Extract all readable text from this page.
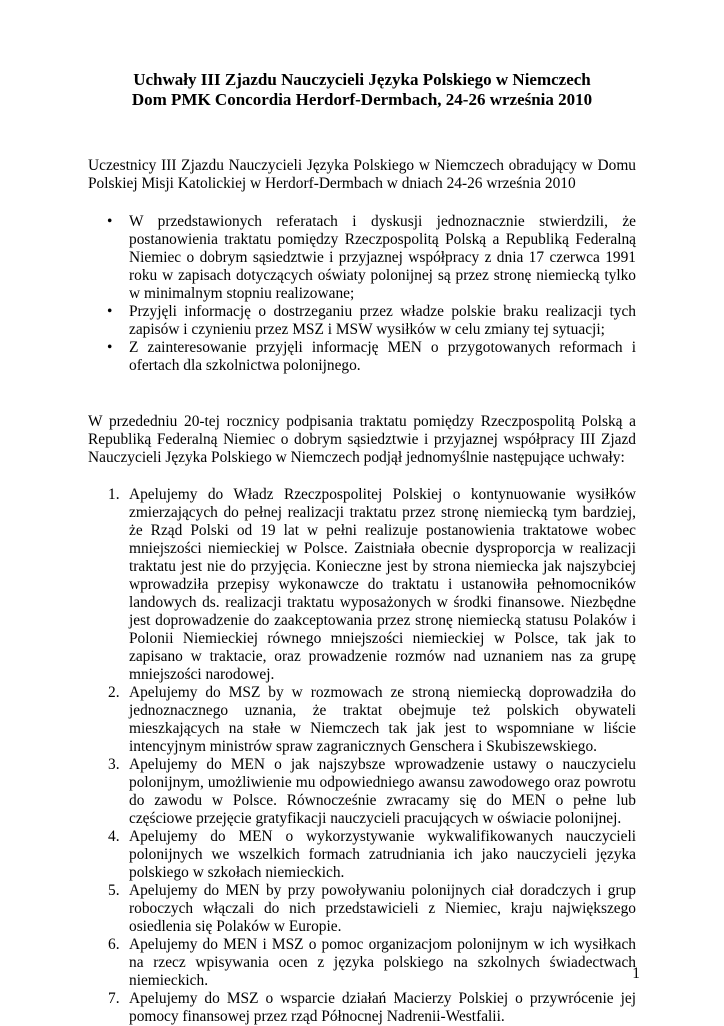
Uchwały III Zjazdu Nauczycieli Języka Polskiego w Niemczech

Dom PMK Concordia Herdorf-Dermbach, 24-26 września 2010

Uczestnicy III Zjazdu Nauczycieli Języka Polskiego w Niemczech obradujący w Domu Polskiej Misji Katolickiej w Herdorf-Dermbach w dniach 24-26 września 2010

• W przedstawionych referatach i dyskusji jednoznacznie stwierdzili, że postanowienia traktatu pomiędzy Rzeczpospolitą Polską a Republiką Federalną Niemiec o dobrym sąsiedztwie i przyjaznej współpracy z dnia 17 czerwca 1991 roku w zapisach dotyczących oświaty polonijnej są przez stronę niemiecką tylko w minimalnym stopniu realizowane;
• Przyjęli informację o dostrzeganiu przez władze polskie braku realizacji tych zapisów i czynieniu przez MSZ i MSW wysiłków w celu zmiany tej sytuacji;
• Z zainteresowanie przyjęli informację MEN o przygotowanych reformach i ofertach dla szkolnictwa polonijnego.

W przededniu 20-tej rocznicy podpisania traktatu pomiędzy Rzeczpospolitą Polską a Republiką Federalną Niemiec o dobrym sąsiedztwie i przyjaznej współpracy III Zjazd Nauczycieli Języka Polskiego w Niemczech podjął jednomyślnie następujące uchwały:

1. Apelujemy do Władz Rzeczpospolitej Polskiej o kontynuowanie wysiłków zmierzających do pełnej realizacji traktatu przez stronę niemiecką tym bardziej, że Rząd Polski od 19 lat w pełni realizuje postanowienia traktatowe wobec mniejszości niemieckiej w Polsce. Zaistniała obecnie dysproporcja w realizacji traktatu jest nie do przyjęcia. Konieczne jest by strona niemiecka jak najszybciej wprowadziła przepisy wykonawcze do traktatu i ustanowiła pełnomocników landowych ds. realizacji traktatu wyposażonych w środki finansowe. Niezbędne jest doprowadzenie do zaakceptowania przez stronę niemiecką statusu Polaków i Polonii Niemieckiej równego mniejszości niemieckiej w Polsce, tak jak to zapisano w traktacie, oraz prowadzenie rozmów nad uznaniem nas za grupę mniejszości narodowej.
2. Apelujemy do MSZ by w rozmowach ze stroną niemiecką doprowadziła do jednoznacznego uznania, że traktat obejmuje też polskich obywateli mieszkających na stałe w Niemczech tak jak jest to wspomniane w liście intencyjnym ministrów spraw zagranicznych Genschera i Skubiszewskiego.
3. Apelujemy do MEN o jak najszybsze wprowadzenie ustawy o nauczycielu polonijnym, umożliwienie mu odpowiedniego awansu zawodowego oraz powrotu do zawodu w Polsce. Równocześnie zwracamy się do MEN o pełne lub częściowe przejęcie gratyfikacji nauczycieli pracujących w oświacie polonijnej.
4. Apelujemy do MEN o wykorzystywanie wykwalifikowanych nauczycieli polonijnych we wszelkich formach zatrudniania ich jako nauczycieli języka polskiego w szkołach niemieckich.
5. Apelujemy do MEN by przy powoływaniu polonijnych ciał doradczych i grup roboczych włączali do nich przedstawicieli z Niemiec, kraju największego osiedlenia się Polaków w Europie.
6. Apelujemy do MEN i MSZ o pomoc organizacjom polonijnym w ich wysiłkach na rzecz wpisywania ocen z języka polskiego na szkolnych świadectwach niemieckich.
7. Apelujemy do MSZ o wsparcie działań Macierzy Polskiej o przywrócenie jej pomocy finansowej przez rząd Północnej Nadrenii-Westfalii.
1
